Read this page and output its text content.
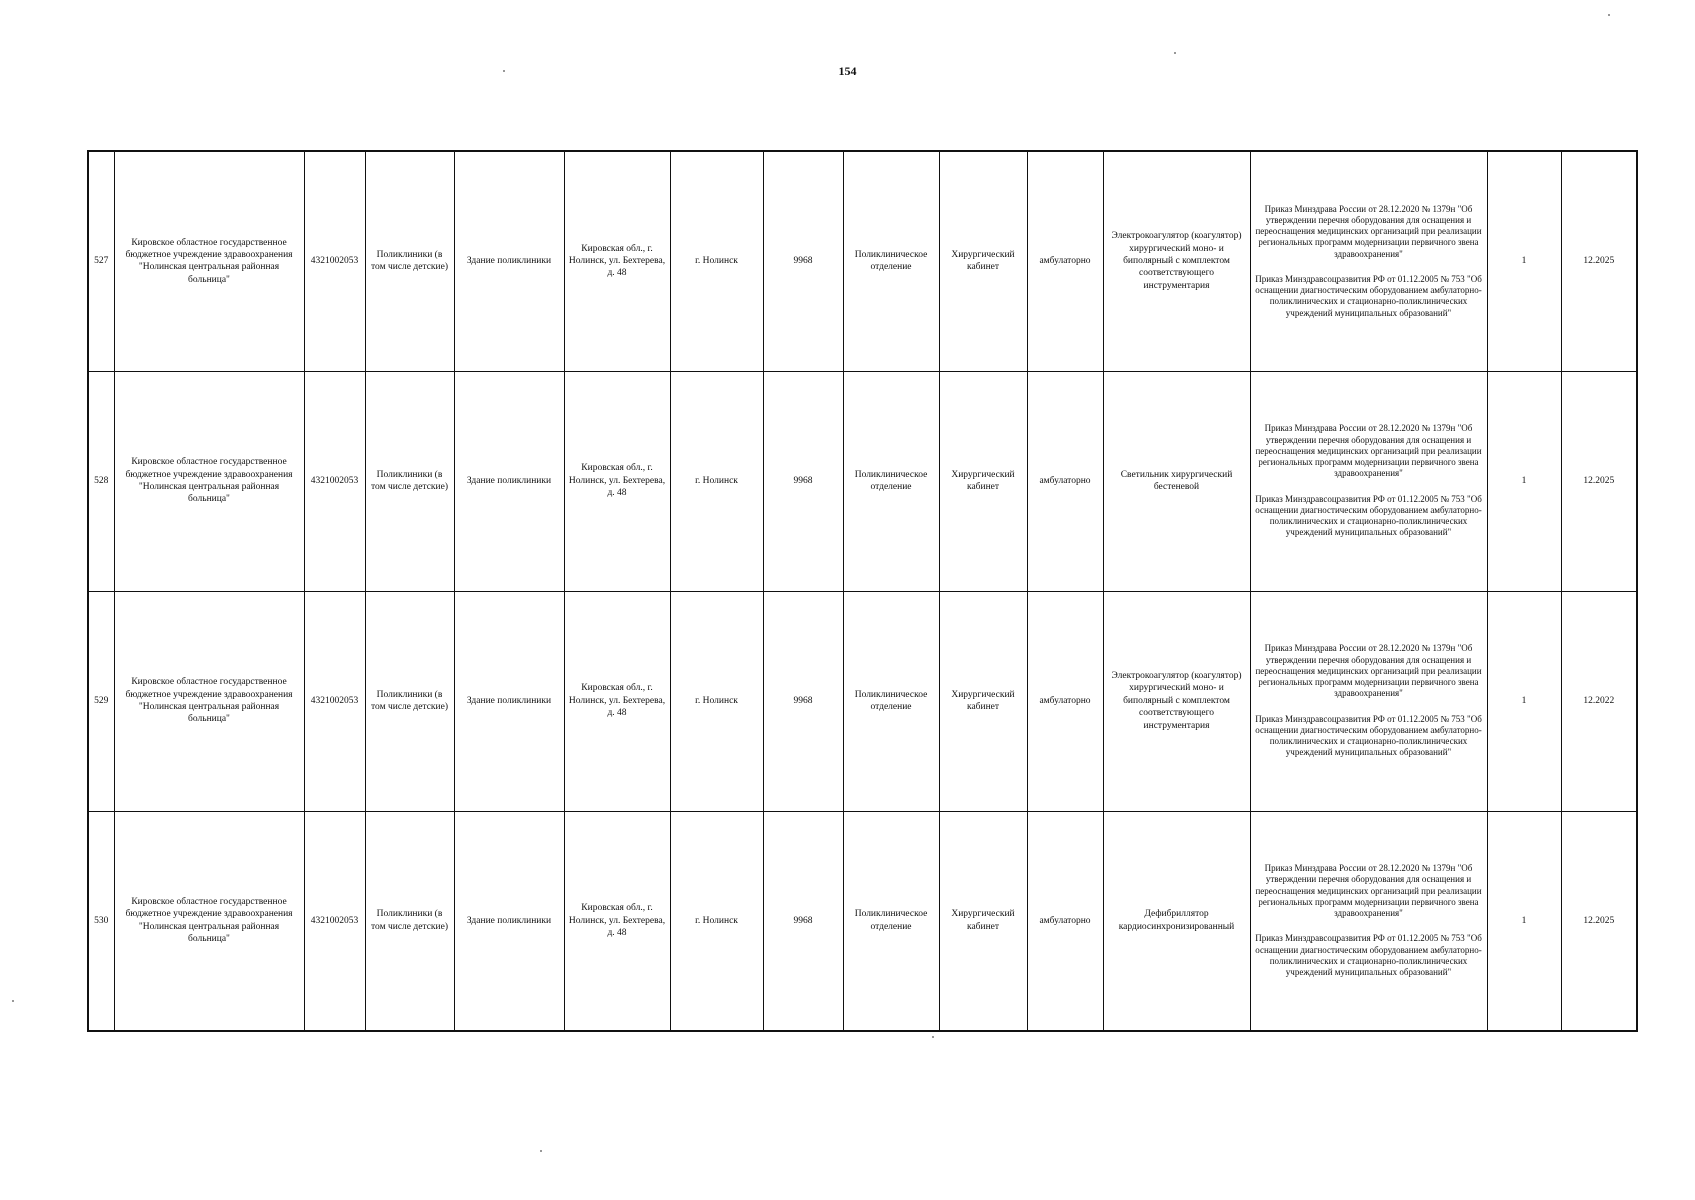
154
527	Кировское областное государственное бюджетное учреждение здравоохранения "Нолинская центральная районная больница"	4321002053	Поликлиники (в том числе детские)	Здание поликлиники	Кировская обл., г. Нолинск, ул. Бехтерева, д. 48	г. Нолинск	9968	Поликлиническое отделение	Хирургический кабинет	амбулаторно	Электрокоагулятор (коагулятор) хирургический моно- и биполярный с комплектом соответствующего инструментария	Приказ Минздрава России от 28.12.2020 № 1379н "Об утверждении перечня оборудования для оснащения и переоснащения медицинских организаций при реализации региональных программ модернизации первичного звена здравоохранения"

Приказ Минздравсоцразвития РФ от 01.12.2005 № 753 "Об оснащении диагностическим оборудованием амбулаторно-поликлинических и стационарно-поликлинических учреждений муниципальных образований"	1	12.2025
528	Кировское областное государственное бюджетное учреждение здравоохранения "Нолинская центральная районная больница"	4321002053	Поликлиники (в том числе детские)	Здание поликлиники	Кировская обл., г. Нолинск, ул. Бехтерева, д. 48	г. Нолинск	9968	Поликлиническое отделение	Хирургический кабинет	амбулаторно	Светильник хирургический бестеневой	Приказ Минздрава России от 28.12.2020 № 1379н "Об утверждении перечня оборудования для оснащения и переоснащения медицинских организаций при реализации региональных программ модернизации первичного звена здравоохранения"

Приказ Минздравсоцразвития РФ от 01.12.2005 № 753 "Об оснащении диагностическим оборудованием амбулаторно-поликлинических и стационарно-поликлинических учреждений муниципальных образований"	1	12.2025
529	Кировское областное государственное бюджетное учреждение здравоохранения "Нолинская центральная районная больница"	4321002053	Поликлиники (в том числе детские)	Здание поликлиники	Кировская обл., г. Нолинск, ул. Бехтерева, д. 48	г. Нолинск	9968	Поликлиническое отделение	Хирургический кабинет	амбулаторно	Электрокоагулятор (коагулятор) хирургический моно- и биполярный с комплектом соответствующего инструментария	Приказ Минздрава России от 28.12.2020 № 1379н "Об утверждении перечня оборудования для оснащения и переоснащения медицинских организаций при реализации региональных программ модернизации первичного звена здравоохранения"

Приказ Минздравсоцразвития РФ от 01.12.2005 № 753 "Об оснащении диагностическим оборудованием амбулаторно-поликлинических и стационарно-поликлинических учреждений муниципальных образований"	1	12.2022
530	Кировское областное государственное бюджетное учреждение здравоохранения "Нолинская центральная районная больница"	4321002053	Поликлиники (в том числе детские)	Здание поликлиники	Кировская обл., г. Нолинск, ул. Бехтерева, д. 48	г. Нолинск	9968	Поликлиническое отделение	Хирургический кабинет	амбулаторно	Дефибриллятор кардиосинхронизированный	Приказ Минздрава России от 28.12.2020 № 1379н "Об утверждении перечня оборудования для оснащения и переоснащения медицинских организаций при реализации региональных программ модернизации первичного звена здравоохранения"

Приказ Минздравсоцразвития РФ от 01.12.2005 № 753 "Об оснащении диагностическим оборудованием амбулаторно-поликлинических и стационарно-поликлинических учреждений муниципальных образований"	1	12.2025
